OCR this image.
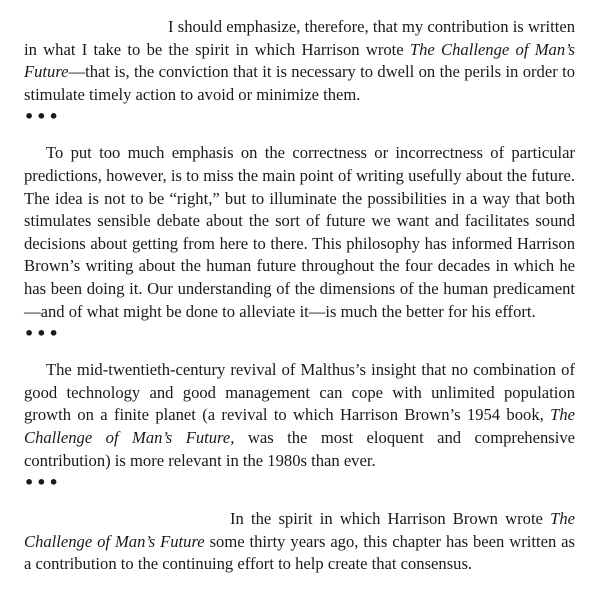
I should emphasize, therefore, that my contribution is written in what I take to be the spirit in which Harrison wrote The Challenge of Man’s Future—that is, the conviction that it is necessary to dwell on the perils in order to stimulate timely action to avoid or minimize them.

•••

To put too much emphasis on the correctness or incorrectness of particular predictions, however, is to miss the main point of writing usefully about the future. The idea is not to be “right,” but to illuminate the possibilities in a way that both stimulates sensible debate about the sort of future we want and facilitates sound decisions about getting from here to there. This philosophy has informed Harrison Brown’s writing about the human future throughout the four decades in which he has been doing it. Our understanding of the dimensions of the human predicament—and of what might be done to alleviate it—is much the better for his effort.

•••

The mid-twentieth-century revival of Malthus’s insight that no combination of good technology and good management can cope with unlimited population growth on a finite planet (a revival to which Harrison Brown’s 1954 book, The Challenge of Man’s Future, was the most eloquent and comprehensive contribution) is more relevant in the 1980s than ever.

•••

In the spirit in which Harrison Brown wrote The Challenge of Man’s Future some thirty years ago, this chapter has been written as a contribution to the continuing effort to help create that consensus.
